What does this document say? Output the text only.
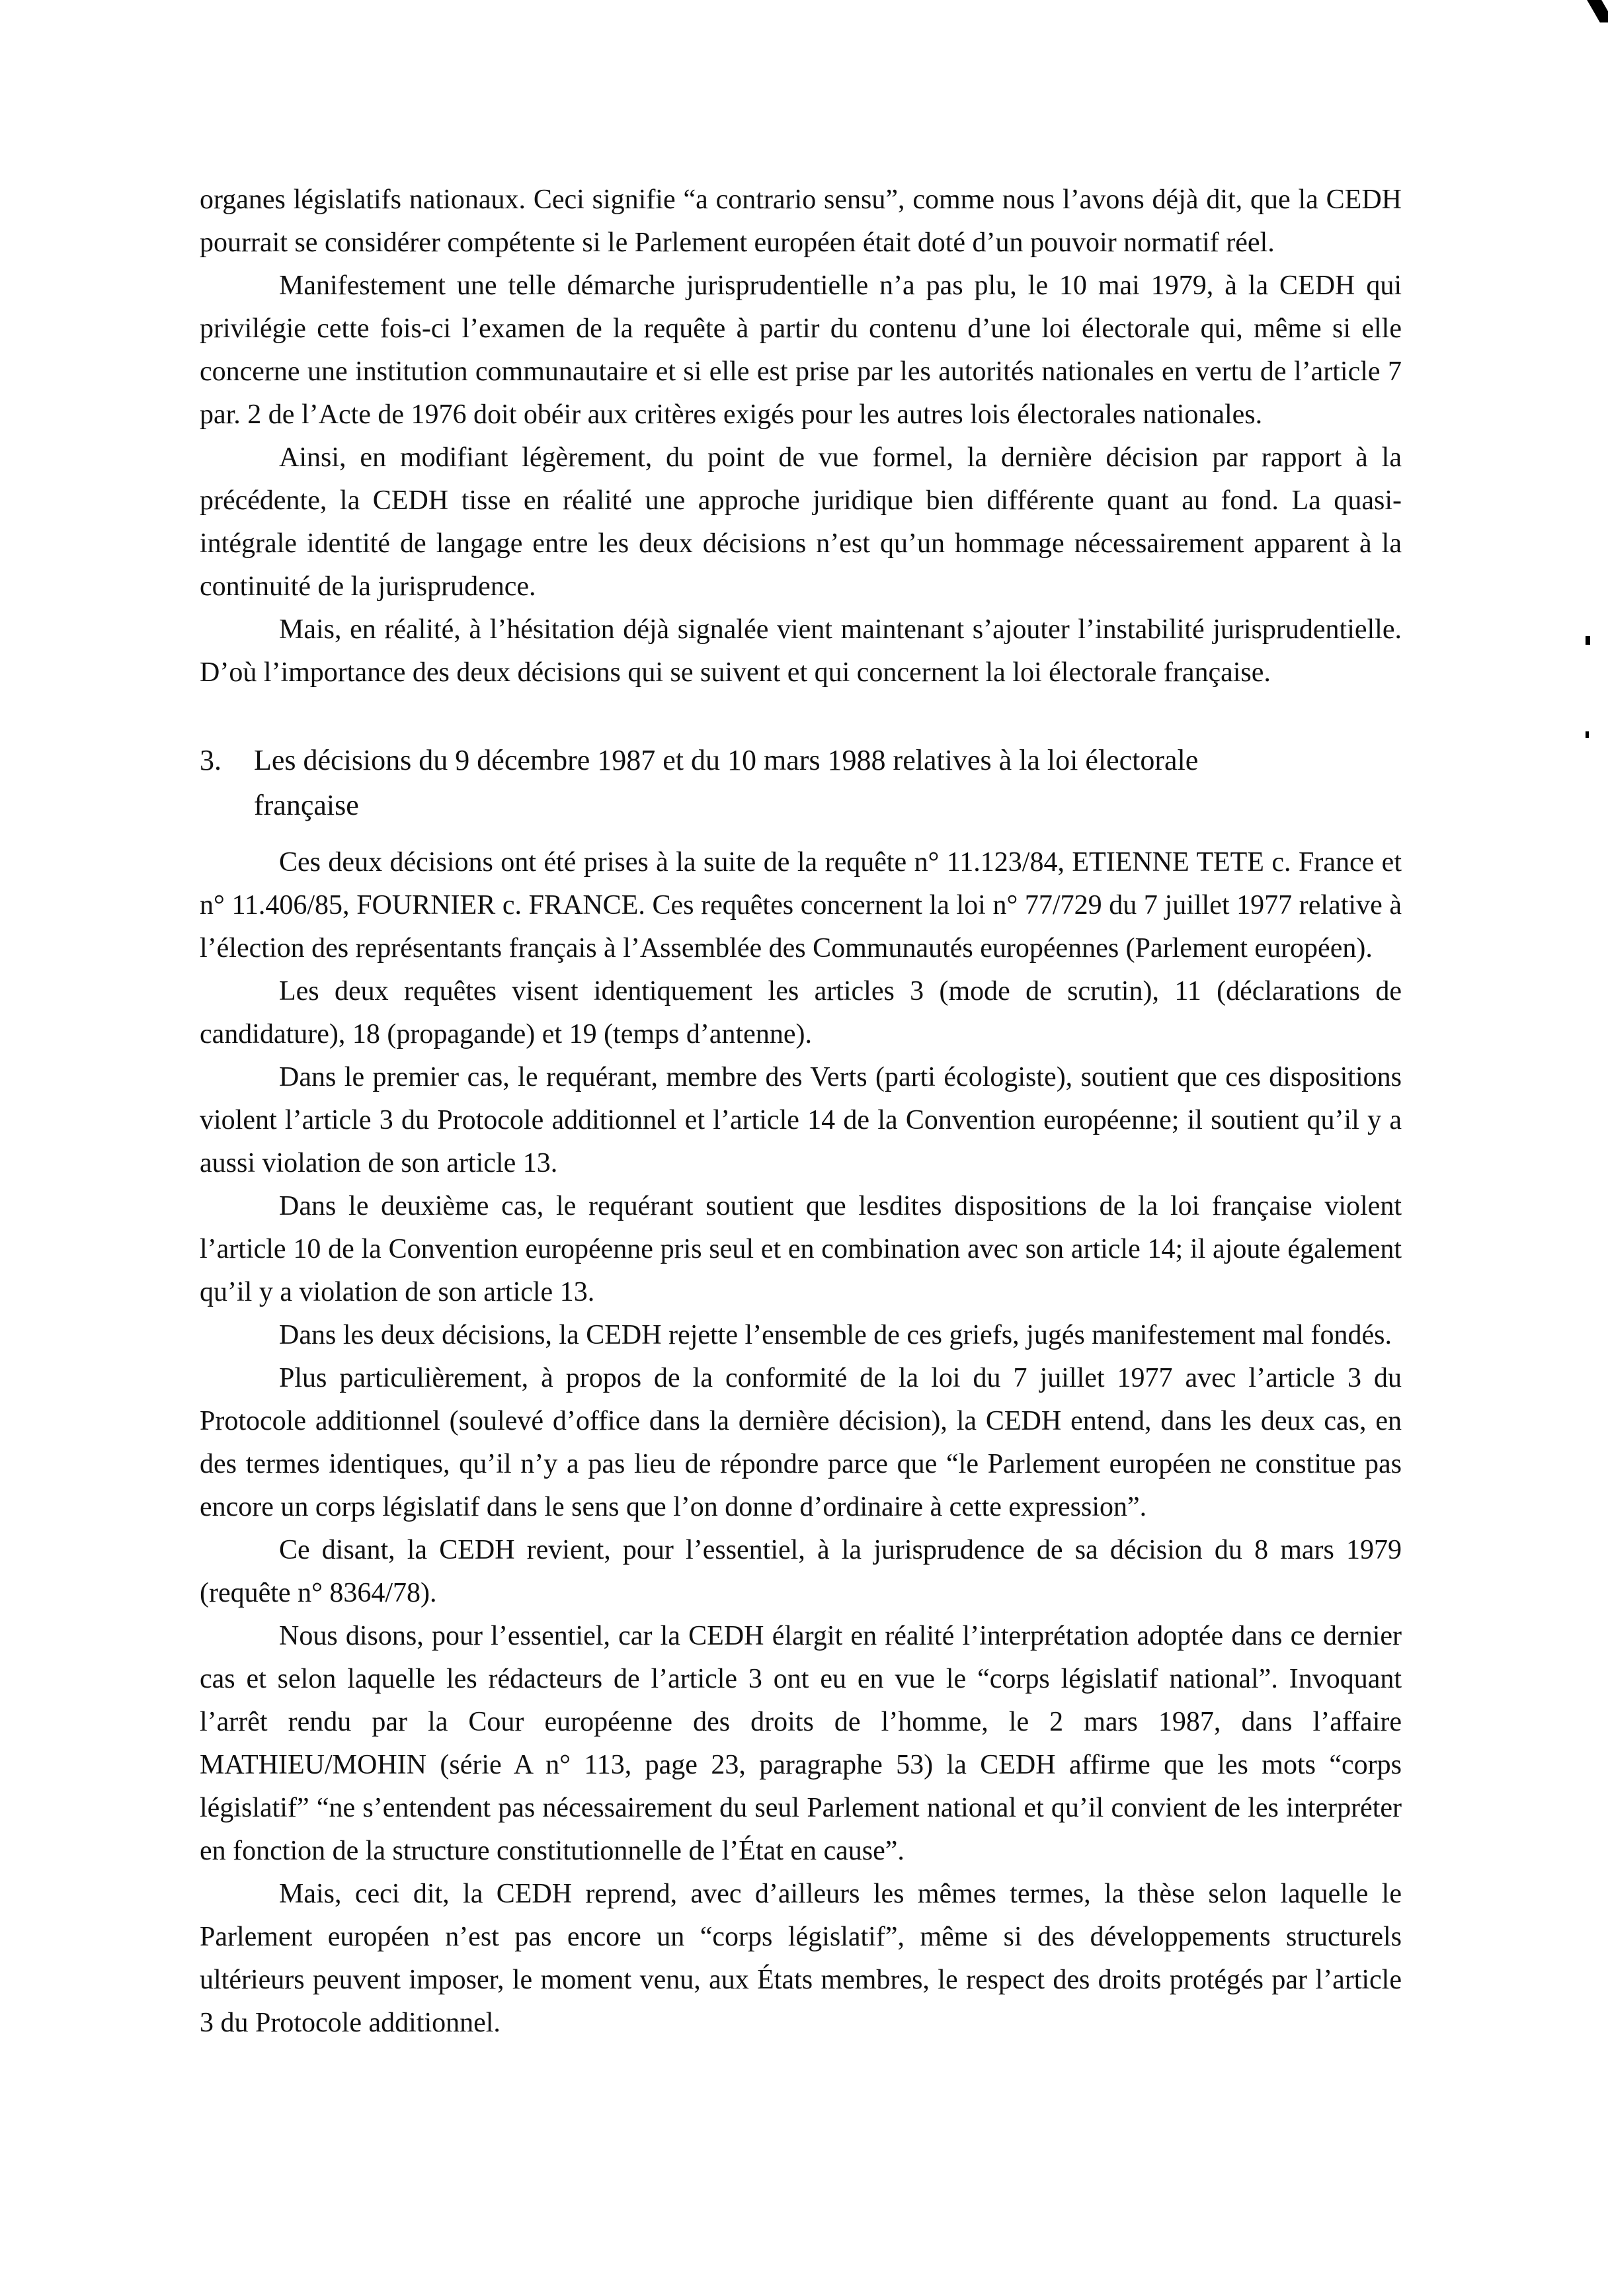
organes législatifs nationaux. Ceci signifie “a contrario sensu”, comme nous l’avons déjà dit, que la CEDH pourrait se considérer compétente si le Parlement européen était doté d’un pouvoir normatif réel.

Manifestement une telle démarche jurisprudentielle n’a pas plu, le 10 mai 1979, à la CEDH qui privilégie cette fois-ci l’examen de la requête à partir du contenu d’une loi électorale qui, même si elle concerne une institution communautaire et si elle est prise par les autorités nationales en vertu de l’article 7 par. 2 de l’Acte de 1976 doit obéir aux critères exigés pour les autres lois électorales nationales.

Ainsi, en modifiant légèrement, du point de vue formel, la dernière décision par rapport à la précédente, la CEDH tisse en réalité une approche juridique bien différente quant au fond. La quasi-intégrale identité de langage entre les deux décisions n’est qu’un hommage nécessairement apparent à la continuité de la jurisprudence.

Mais, en réalité, à l’hésitation déjà signalée vient maintenant s’ajouter l’instabilité jurisprudentielle. D’où l’importance des deux décisions qui se suivent et qui concernent la loi électorale française.

3.	Les décisions du 9 décembre 1987 et du 10 mars 1988 relatives à la loi électorale française

Ces deux décisions ont été prises à la suite de la requête n° 11.123/84, ETIENNE TETE c. France et n° 11.406/85, FOURNIER c. FRANCE. Ces requêtes concernent la loi n° 77/729 du 7 juillet 1977 relative à l’élection des représentants français à l’Assemblée des Communautés européennes (Parlement européen).

Les deux requêtes visent identiquement les articles 3 (mode de scrutin), 11 (déclarations de candidature), 18 (propagande) et 19 (temps d’antenne).

Dans le premier cas, le requérant, membre des Verts (parti écologiste), soutient que ces dispositions violent l’article 3 du Protocole additionnel et l’article 14 de la Convention européenne; il soutient qu’il y a aussi violation de son article 13.

Dans le deuxième cas, le requérant soutient que lesdites dispositions de la loi française violent l’article 10 de la Convention européenne pris seul et en combination avec son article 14; il ajoute également qu’il y a violation de son article 13.

Dans les deux décisions, la CEDH rejette l’ensemble de ces griefs, jugés manifestement mal fondés.

Plus particulièrement, à propos de la conformité de la loi du 7 juillet 1977 avec l’article 3 du Protocole additionnel (soulevé d’office dans la dernière décision), la CEDH entend, dans les deux cas, en des termes identiques, qu’il n’y a pas lieu de répondre parce que “le Parlement européen ne constitue pas encore un corps législatif dans le sens que l’on donne d’ordinaire à cette expression”.

Ce disant, la CEDH revient, pour l’essentiel, à la jurisprudence de sa décision du 8 mars 1979 (requête n° 8364/78).

Nous disons, pour l’essentiel, car la CEDH élargit en réalité l’interprétation adoptée dans ce dernier cas et selon laquelle les rédacteurs de l’article 3 ont eu en vue le “corps législatif national”. Invoquant l’arrêt rendu par la Cour européenne des droits de l’homme, le 2 mars 1987, dans l’affaire MATHIEU/MOHIN (série A n° 113, page 23, paragraphe 53) la CEDH affirme que les mots “corps législatif” “ne s’entendent pas nécessairement du seul Parlement national et qu’il convient de les interpréter en fonction de la structure constitutionnelle de l’État en cause”.

Mais, ceci dit, la CEDH reprend, avec d’ailleurs les mêmes termes, la thèse selon laquelle le Parlement européen n’est pas encore un “corps législatif”, même si des développements structurels ultérieurs peuvent imposer, le moment venu, aux États membres, le respect des droits protégés par l’article 3 du Protocole additionnel.
